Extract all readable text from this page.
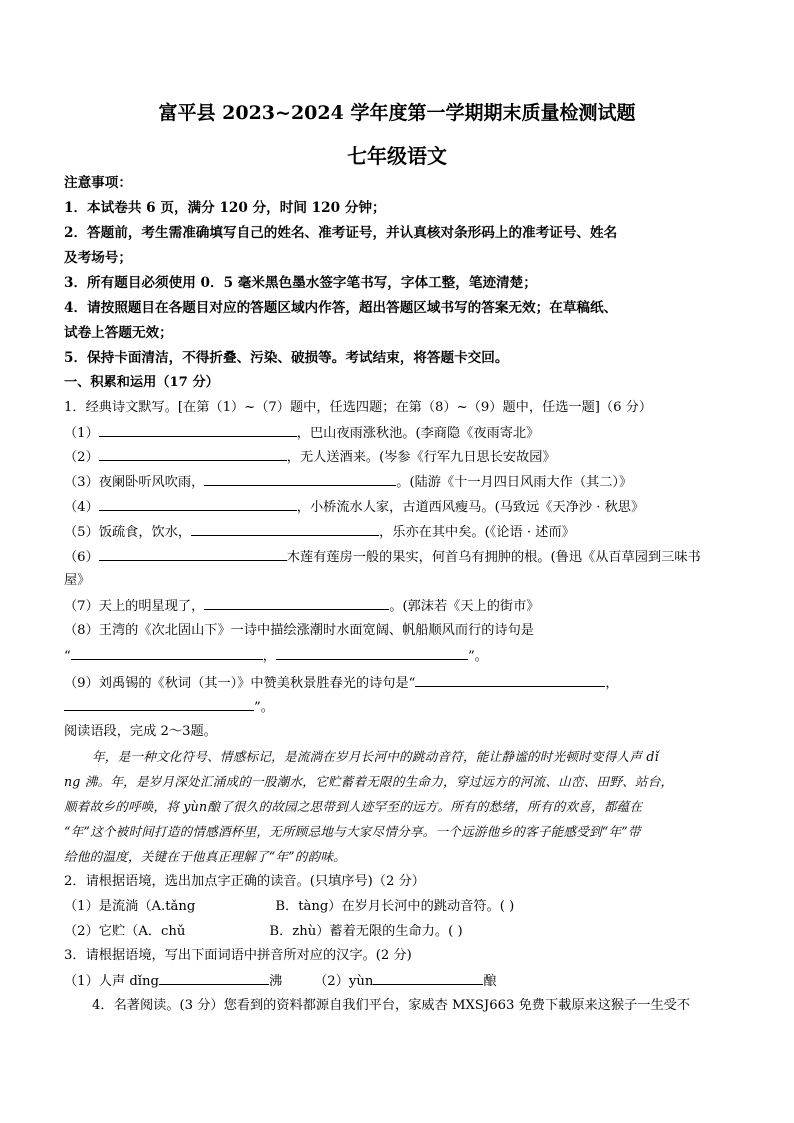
富平县 2023~2024 学年度第一学期期末质量检测试题
七年级语文
注意事项：
1．本试卷共 6 页，满分 120 分，时间 120 分钟；
2．答题前，考生需准确填写自己的姓名、准考证号，并认真核对条形码上的准考证号、姓名
及考场号；
3．所有题目必须使用 0．5 毫米黑色墨水签字笔书写，字体工整，笔迹清楚；
4．请按照题目在各题目对应的答题区域内作答，超出答题区域书写的答案无效；在草稿纸、
试卷上答题无效；
5．保持卡面清洁，不得折叠、污染、破损等。考试结束，将答题卡交回。
一、积累和运用（17 分）
1．经典诗文默写。[在第（1）~（7）题中，任选四题；在第（8）~（9）题中，任选一题]（6 分）
（1）	，巴山夜雨涨秋池。(李商隐《夜雨寄北》
（2）	，无人送酒来。(岑参《行军九日思长安故园》
（3）夜阑卧听风吹雨，	。(陆游《十一月四日风雨大作（其二）》
（4）	，小桥流水人家，古道西风瘦马。(马致远《天净沙 · 秋思》
（5）饭疏食，饮水，	，乐亦在其中矣。(《论语 · 述而》
（6）	木莲有莲房一般的果实，何首乌有拥肿的根。(鲁迅《从百草园到三味书
屋》
（7）天上的明星现了，	。(郭沫若《天上的街市》
（8）王湾的《次北固山下》一诗中描绘涨潮时水面宽阔、帆船顺风而行的诗句是
“	，	”。
（9）刘禹锡的《秋词（其一）》中赞美秋景胜春光的诗句是“	，
”。
阅读语段，完成 2～3题。
年，是一种文化符号、情感标记，是流淌在岁月长河中的跳动音符，能让静谧的时光顿时变得人声 dǐ
ng 沸。年，是岁月深处汇涌成的一股潮水，它贮蓄着无限的生命力，穿过远方的河流、山峦、田野、站台，
顺着故乡的呼唤，将 yùn酿了很久的故园之思带到人迹罕至的远方。所有的愁绪，所有的欢喜，都蕴在
“年”这个被时间打造的情感酒杯里，无所顾忌地与大家尽情分享。一个远游他乡的客子能感受到“年”带
给他的温度，关键在于他真正理解了“年”的韵味。
2．请根据语境，选出加点字正确的读音。(只填序号)（2 分）
（1）是流淌（A.tǎng	B．tàng）在岁月长河中的跳动音符。( )
（2）它贮（A．chǔ	B．zhù）蓄着无限的生命力。( )
3．请根据语境，写出下面词语中拼音所对应的汉字。(2 分)
（1）人声 dǐng	沸 （2）yùn	酿
4．名著阅读。(3 分）您看到的资料都源自我们平台，家威杏 MXSJ663 免费下載原来这猴子一生受不
